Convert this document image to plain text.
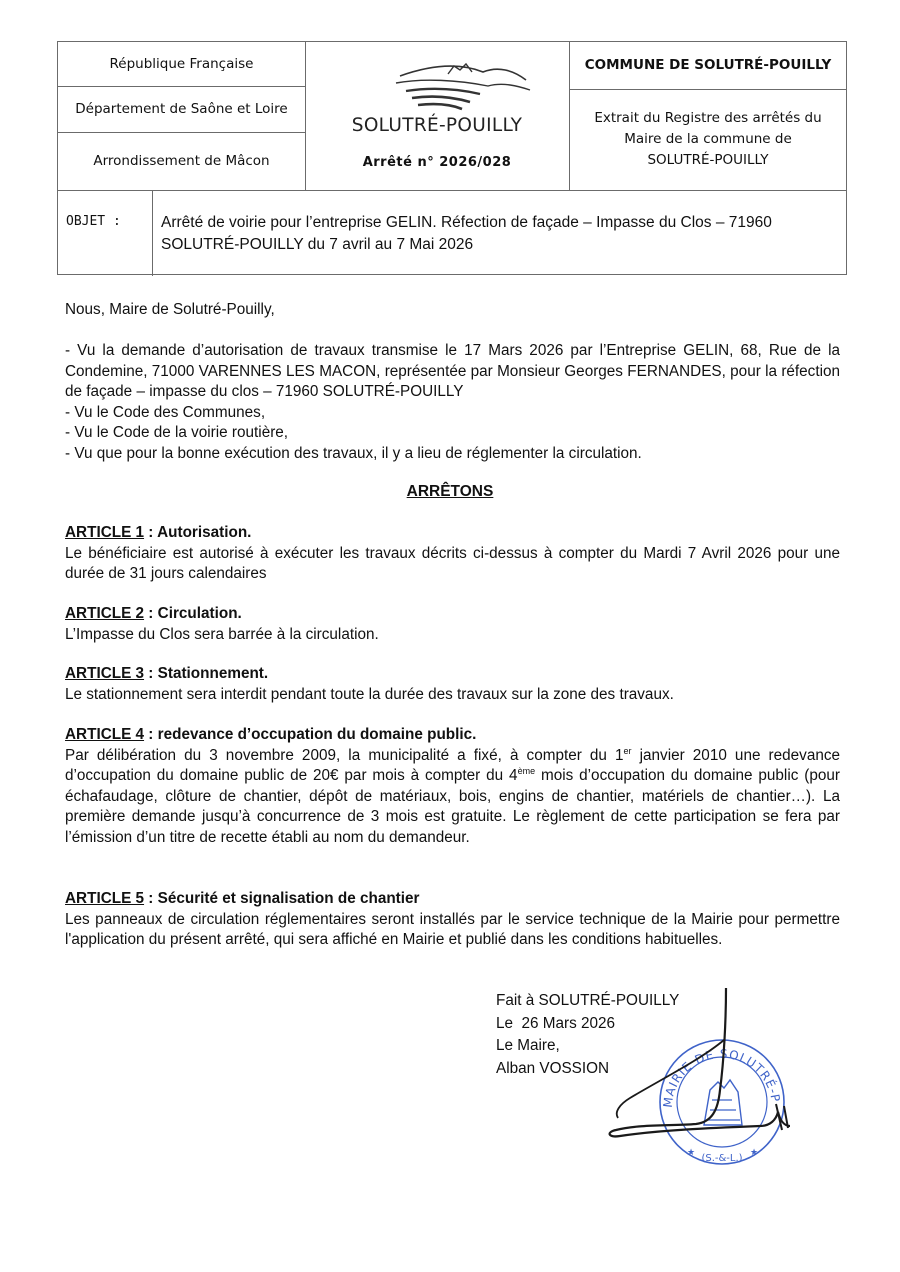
République Française
Département de Saône et Loire
Arrondissement de Mâcon
SOLUTRÉ-POUILLY
Arrêté n° 2026/028
COMMUNE DE SOLUTRÉ-POUILLY
Extrait du Registre des arrêtés du
Maire de la commune de
SOLUTRÉ-POUILLY
OBJET :	Arrêté de voirie pour l’entreprise GELIN. Réfection de façade – Impasse du Clos – 71960 SOLUTRÉ-POUILLY du 7 avril au 7 Mai 2026
Nous, Maire de Solutré-Pouilly,
- Vu la demande d’autorisation de travaux transmise le 17 Mars 2026 par l’Entreprise GELIN, 68, Rue de la Condemine, 71000 VARENNES LES MACON, représentée par Monsieur Georges FERNANDES, pour la réfection de façade – impasse du clos – 71960 SOLUTRÉ-POUILLY
- Vu le Code des Communes,
- Vu le Code de la voirie routière,
- Vu que pour la bonne exécution des travaux, il y a lieu de réglementer la circulation.
ARRÊTONS
ARTICLE 1 : Autorisation.
Le bénéficiaire est autorisé à exécuter les travaux décrits ci-dessus à compter du Mardi 7 Avril 2026 pour une durée de 31 jours calendaires
ARTICLE 2 : Circulation.
L’Impasse du Clos sera barrée à la circulation.
ARTICLE 3 : Stationnement.
Le stationnement sera interdit pendant toute la durée des travaux sur la zone des travaux.
ARTICLE 4 : redevance d’occupation du domaine public.
Par délibération du 3 novembre 2009, la municipalité a fixé, à compter du 1er janvier 2010 une redevance d’occupation du domaine public de 20€ par mois à compter du 4ème mois d’occupation du domaine public (pour échafaudage, clôture de chantier, dépôt de matériaux, bois, engins de chantier, matériels de chantier…). La première demande jusqu’à concurrence de 3 mois est gratuite. Le règlement de cette participation se fera par l’émission d’un titre de recette établi au nom du demandeur.
ARTICLE 5 : Sécurité et signalisation de chantier
Les panneaux de circulation réglementaires seront installés par le service technique de la Mairie pour permettre l'application du présent arrêté, qui sera affiché en Mairie et publié dans les conditions habituelles.
Fait à SOLUTRÉ-POUILLY
Le  26 Mars 2026
Le Maire,
Alban VOSSION
MAIRIE DE SOLUTRÉ-P
★	★
(S.-&-L.)
